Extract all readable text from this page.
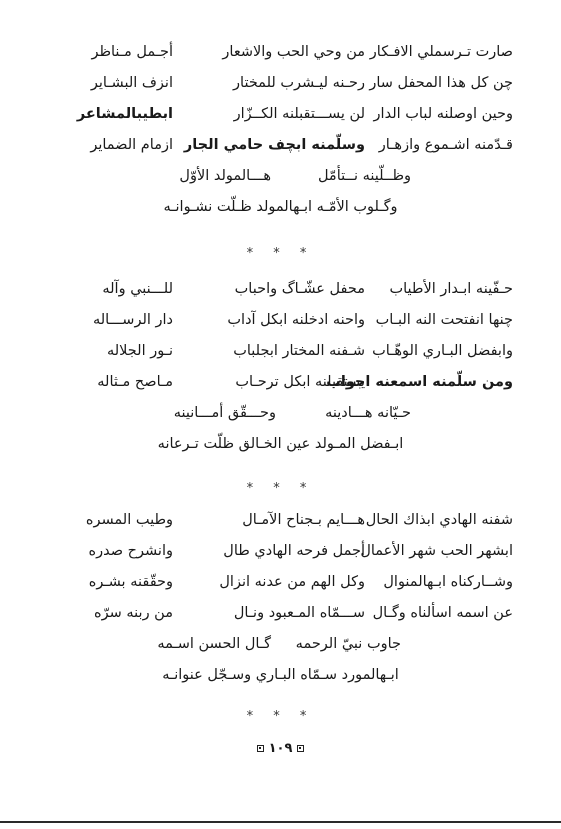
صارت تـرسملي الافـكار
من وحي الحب والاشعار
أجـمل مـناظر
چن كل هذا المحفل سار
رحـنه ليـشرب للمختار
انزف البشـاير
وحين اوصلنه لباب الدار
لن يســـتقبلنه الكــزّار
ابطيبالمشاعر
قـدّمنه اشـموع وازهـار
وسلّمنه ابچف حامي الجار
ازمام الضماير
وظــلّينه نــتأمّل
هـــالمولد الأوّل
وگـلوب الأمّـه ابـهالمولد ظـلّت نشـوانـه
* * *
حـفّينه ابـدار الأطياب
محفل عشّـاگ واحباب
للـــنبي وآله
چنها انفتحت النه البـاب
واحنه ادخلنه ابكل آداب
دار الرســـاله
وابفضل البـاري الوهّـاب
شـفنه المختار ابجلباب
نـور الجلاله
ومن سلّمنه اسمعنه اجواب
يستقبلنه ابكل ترحـاب
مـاصح مـثاله
حـيّانه هـــادينه
وحـــقّق أمـــانينه
ابـفضل المـولد عين الخـالق ظلّت تـرعانه
* * *
شفنه الهادي ابذاك الحال
هـــايم بـجناح الآمـال
وطيب المسره
ابشهر الحب شهر الأعمال
أجمل فرحه الهادي طال
وانشرح صدره
وشــاركناه ابـهالمنوال
وكل الهم من عدنه انزال
وحقّقنه بشـره
عن اسمه اسألناه وگـال
ســـمّاه المـعبود ونـال
من ربنه سرّه
جاوب نبيّ الرحمه
گـال الحسن اسـمه
ابـهالمورد سـمّاه البـاري وسـجّل عنوانـه
* * *
١٠٩
